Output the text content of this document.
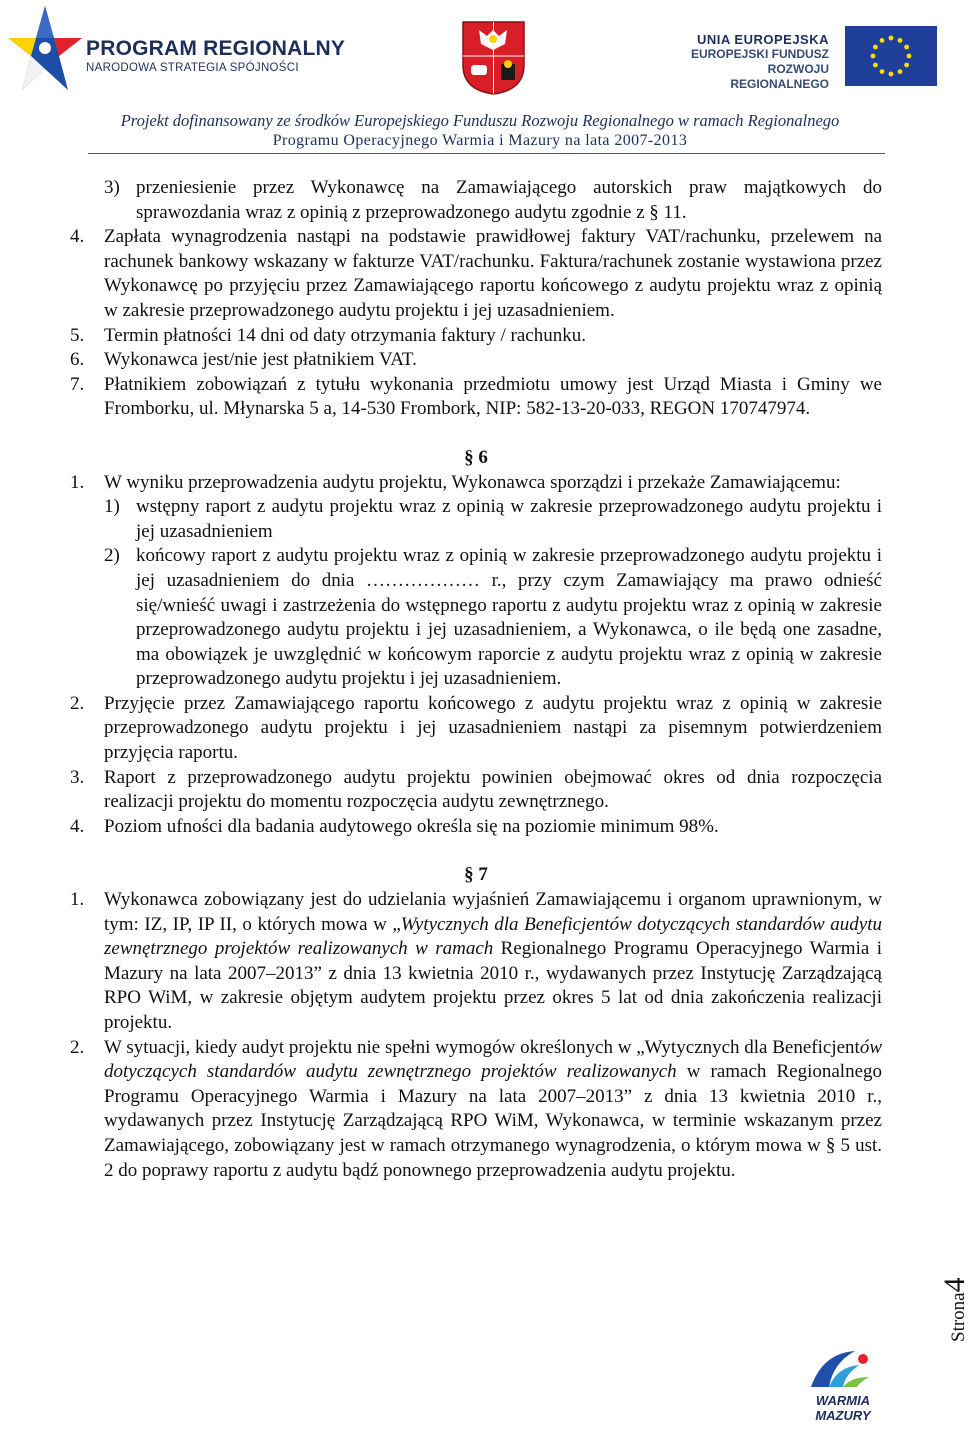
PROGRAM REGIONALNY
NARODOWA STRATEGIA SPÓJNOŚCI
UNIA EUROPEJSKA
EUROPEJSKI FUNDUSZ
ROZWOJU REGIONALNEGO
Projekt dofinansowany ze środków Europejskiego Funduszu Rozwoju Regionalnego w ramach Regionalnego
Programu Operacyjnego Warmia i Mazury na lata 2007-2013
3) przeniesienie przez Wykonawcę na Zamawiającego autorskich praw majątkowych do sprawozdania wraz z opinią z przeprowadzonego audytu zgodnie z § 11.
4.	Zapłata wynagrodzenia nastąpi na podstawie prawidłowej faktury VAT/rachunku, przelewem na rachunek bankowy wskazany w fakturze VAT/rachunku. Faktura/rachunek zostanie wystawiona przez Wykonawcę po przyjęciu przez Zamawiającego raportu końcowego z audytu projektu wraz z opinią w zakresie przeprowadzonego audytu projektu i jej uzasadnieniem.
5.	Termin płatności 14 dni od daty otrzymania faktury / rachunku.
6.	Wykonawca jest/nie jest płatnikiem VAT.
7.	Płatnikiem zobowiązań z tytułu wykonania przedmiotu umowy jest Urząd Miasta i Gminy we Fromborku, ul. Młynarska 5 a, 14-530 Frombork, NIP: 582-13-20-033, REGON 170747974.
§ 6
1.	W wyniku przeprowadzenia audytu projektu, Wykonawca sporządzi i przekaże Zamawiającemu:
1) wstępny raport z audytu projektu wraz z opinią w zakresie przeprowadzonego audytu projektu i jej uzasadnieniem
2) końcowy raport z audytu projektu wraz z opinią w zakresie przeprowadzonego audytu projektu i jej uzasadnieniem do dnia ……………… r., przy czym Zamawiający ma prawo odnieść się/wnieść uwagi i zastrzeżenia do wstępnego raportu z audytu projektu wraz z opinią w zakresie przeprowadzonego audytu projektu i jej uzasadnieniem, a Wykonawca, o ile będą one zasadne, ma obowiązek je uwzględnić w końcowym raporcie z audytu projektu wraz z opinią w zakresie przeprowadzonego audytu projektu i jej uzasadnieniem.
2.	Przyjęcie przez Zamawiającego raportu końcowego z audytu projektu wraz z opinią w zakresie przeprowadzonego audytu projektu i jej uzasadnieniem nastąpi za pisemnym potwierdzeniem przyjęcia raportu.
3.	Raport z przeprowadzonego audytu projektu powinien obejmować okres od dnia rozpoczęcia realizacji projektu do momentu rozpoczęcia audytu zewnętrznego.
4.	Poziom ufności dla badania audytowego określa się na poziomie minimum 98%.
§ 7
1.	Wykonawca zobowiązany jest do udzielania wyjaśnień Zamawiającemu i organom uprawnionym, w tym: IZ, IP, IP II, o których mowa w „Wytycznych dla Beneficjentów dotyczących standardów audytu zewnętrznego projektów realizowanych w ramach Regionalnego Programu Operacyjnego Warmia i Mazury na lata 2007–2013” z dnia 13 kwietnia 2010 r., wydawanych przez Instytucję Zarządzającą RPO WiM, w zakresie objętym audytem projektu przez okres 5 lat od dnia zakończenia realizacji projektu.
2.	W sytuacji, kiedy audyt projektu nie spełni wymogów określonych w „Wytycznych dla Beneficjentów dotyczących standardów audytu zewnętrznego projektów realizowanych w ramach Regionalnego Programu Operacyjnego Warmia i Mazury na lata 2007–2013” z dnia 13 kwietnia 2010 r., wydawanych przez Instytucję Zarządzającą RPO WiM, Wykonawca, w terminie wskazanym przez Zamawiającego, zobowiązany jest w ramach otrzymanego wynagrodzenia, o którym mowa w § 5 ust. 2 do poprawy raportu z audytu bądź ponownego przeprowadzenia audytu projektu.
Strona4
WARMIA
MAZURY
